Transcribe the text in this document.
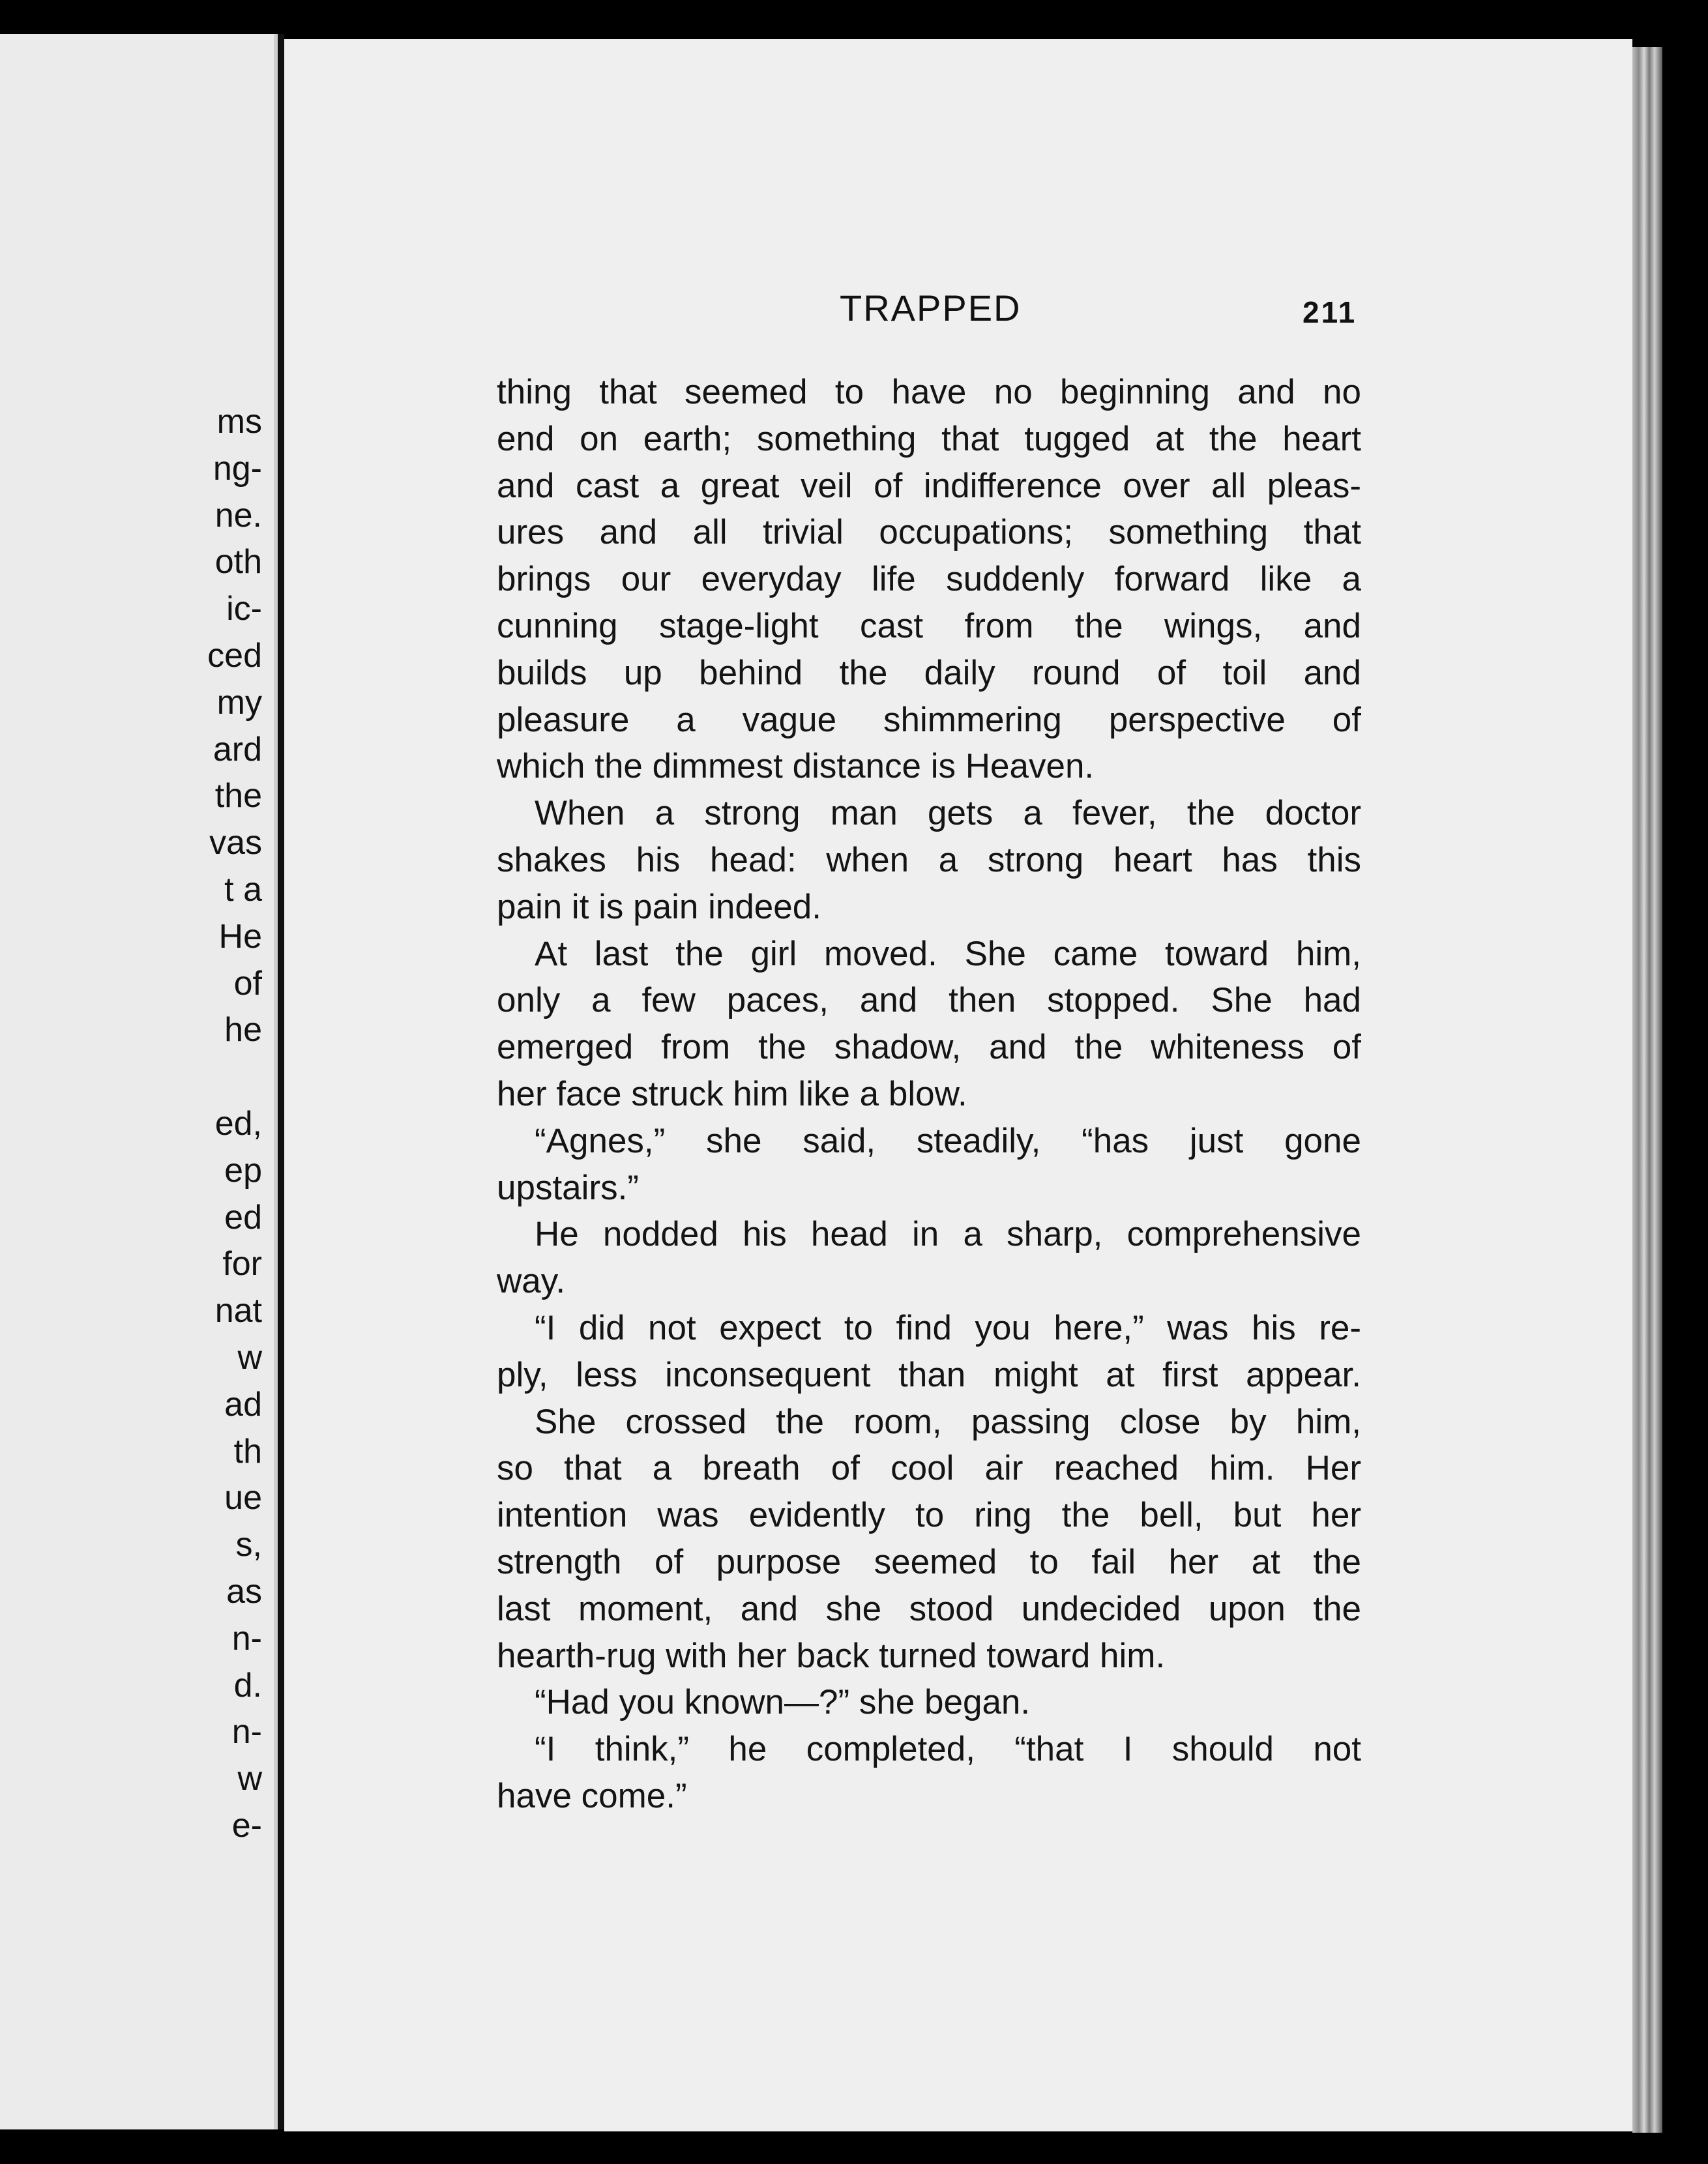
ms
ng-
ne.
oth
ic-
ced
my
ard
the
vas
t a
He
of
he
ed,
ep
ed
for
nat
w
ad
th
ue
s,
as
n-
d.
n-
w
e-
TRAPPED	211
thing that seemed to have no beginning and no
end on earth; something that tugged at the heart
and cast a great veil of indifference over all pleas-
ures and all trivial occupations; something that
brings our everyday life suddenly forward like a
cunning stage-light cast from the wings, and
builds up behind the daily round of toil and
pleasure a vague shimmering perspective of
which the dimmest distance is Heaven.
When a strong man gets a fever, the doctor
shakes his head: when a strong heart has this
pain it is pain indeed.
At last the girl moved. She came toward him,
only a few paces, and then stopped. She had
emerged from the shadow, and the whiteness of
her face struck him like a blow.
“Agnes,” she said, steadily, “has just gone
upstairs.”
He nodded his head in a sharp, comprehensive
way.
“I did not expect to find you here,” was his re-
ply, less inconsequent than might at first appear.
She crossed the room, passing close by him,
so that a breath of cool air reached him. Her
intention was evidently to ring the bell, but her
strength of purpose seemed to fail her at the
last moment, and she stood undecided upon the
hearth-rug with her back turned toward him.
“Had you known—?” she began.
“I think,” he completed, “that I should not
have come.”
